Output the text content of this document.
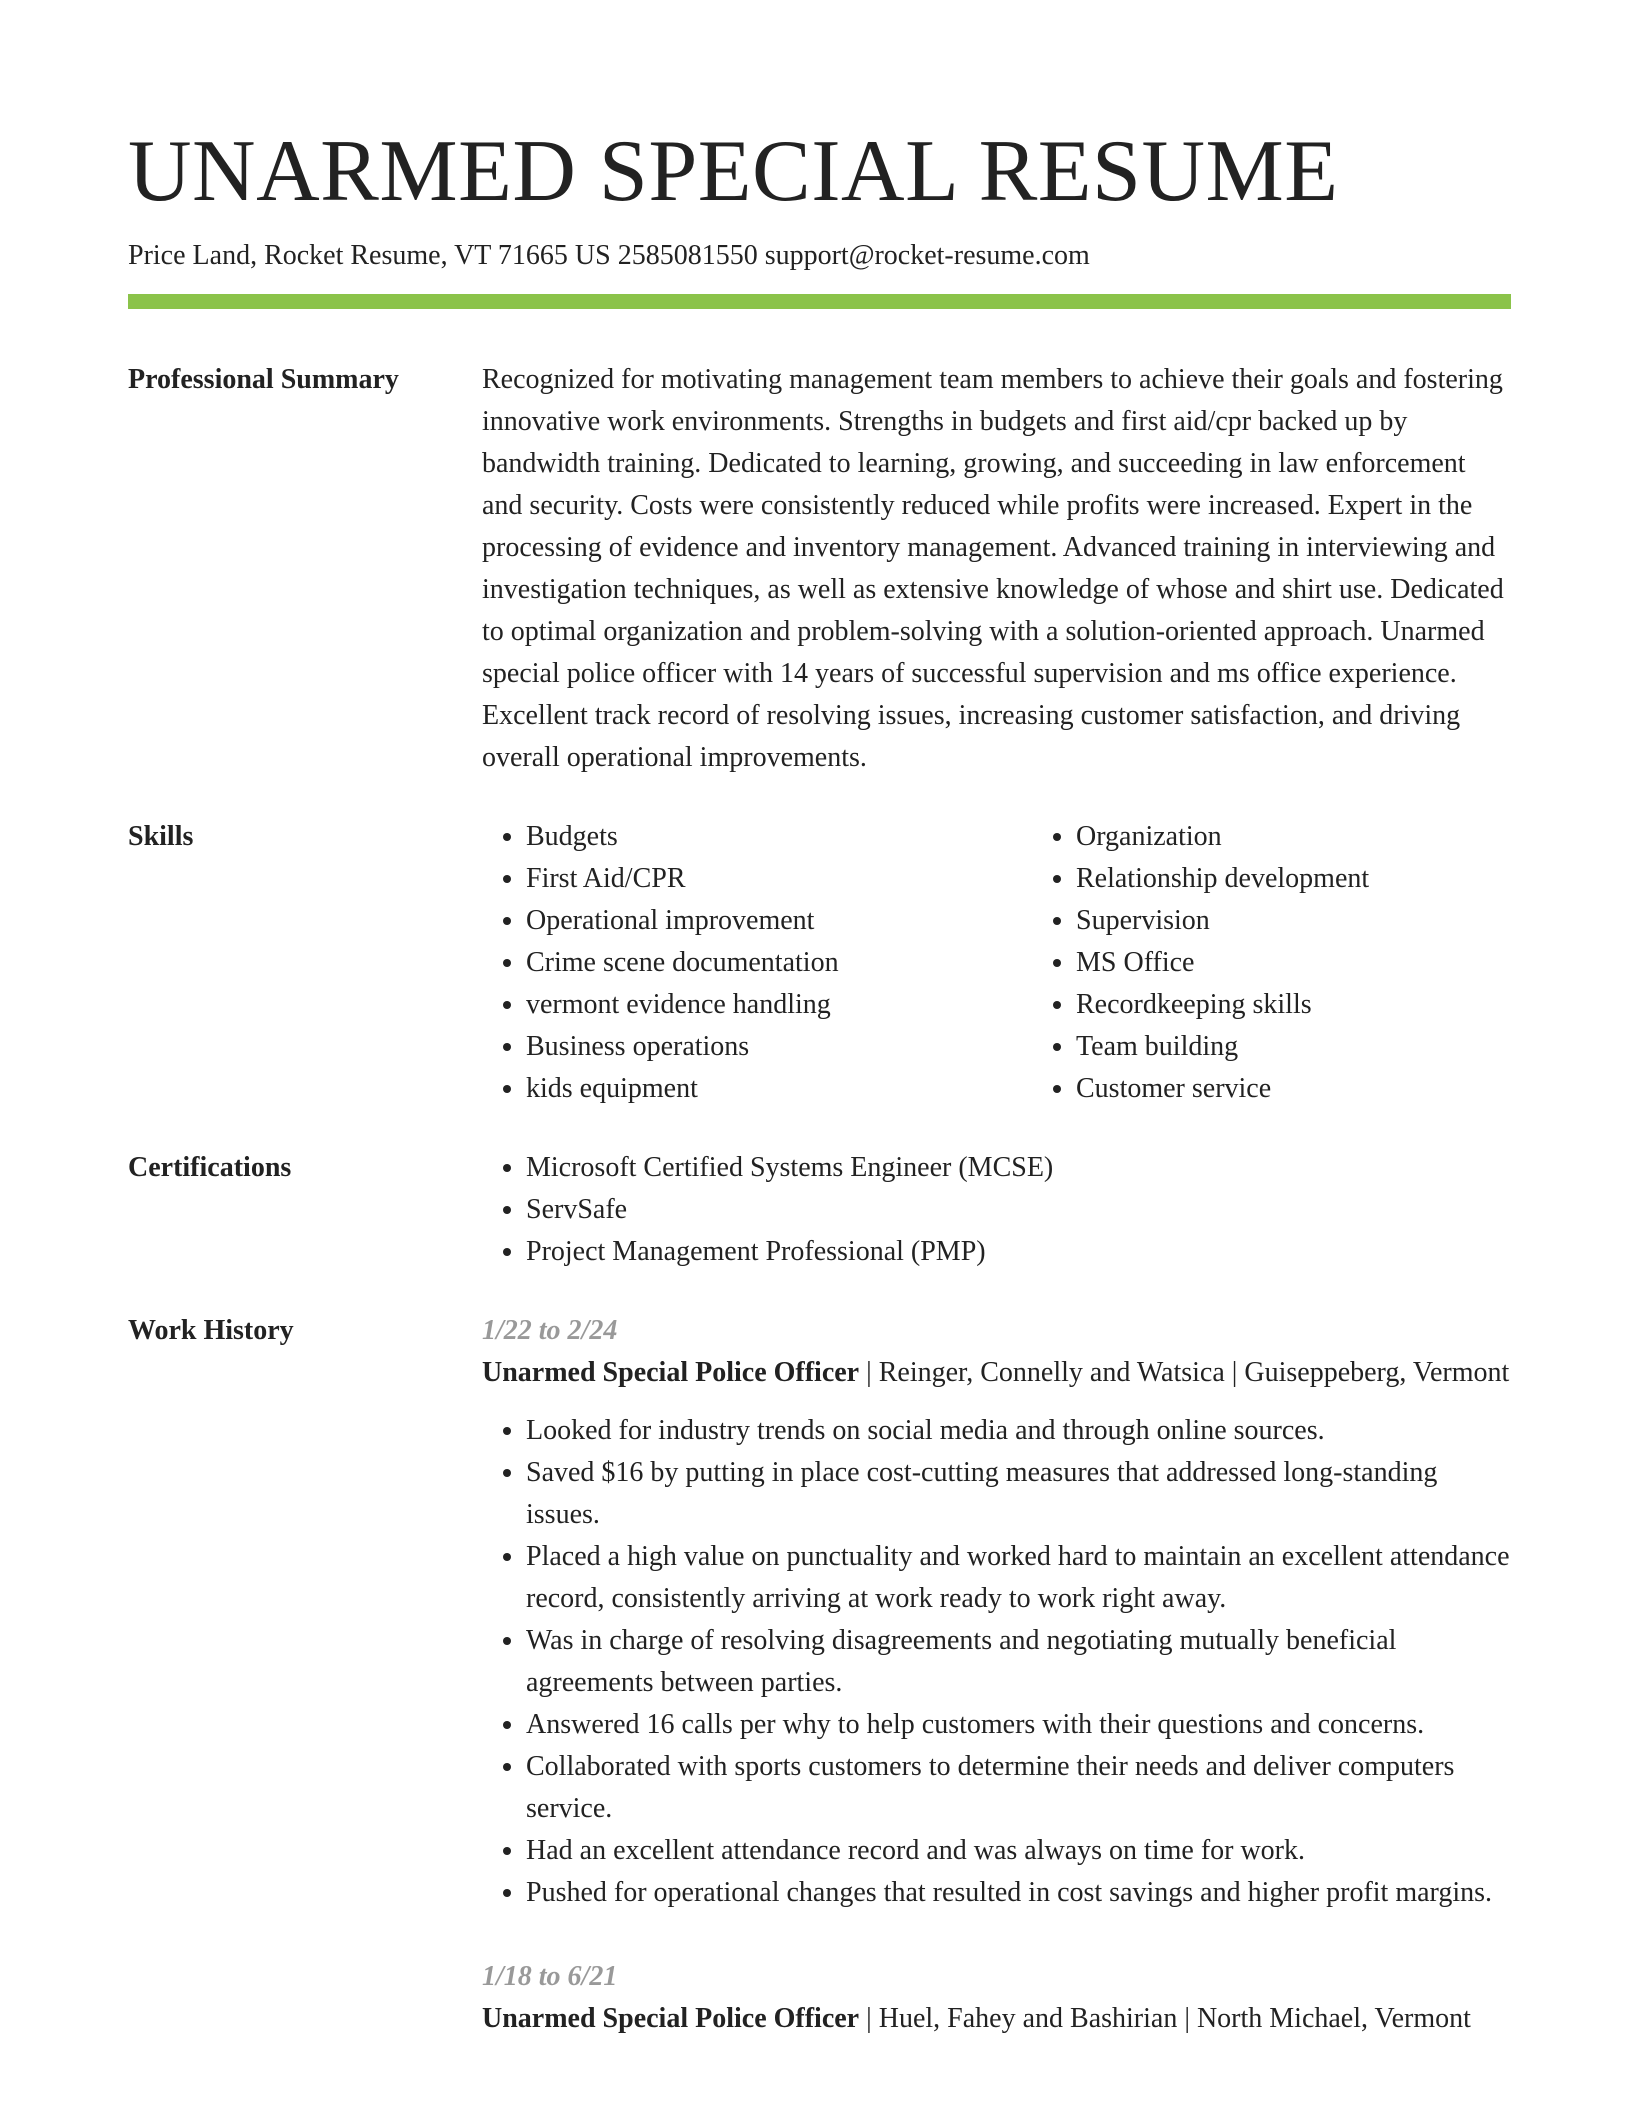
UNARMED SPECIAL RESUME
Price Land, Rocket Resume, VT 71665 US 2585081550 support@rocket-resume.com
Professional Summary	Recognized for motivating management team members to achieve their goals and fostering innovative work environments. Strengths in budgets and first aid/cpr backed up by bandwidth training. Dedicated to learning, growing, and succeeding in law enforcement and security. Costs were consistently reduced while profits were increased. Expert in the processing of evidence and inventory management. Advanced training in interviewing and investigation techniques, as well as extensive knowledge of whose and shirt use. Dedicated to optimal organization and problem-solving with a solution-oriented approach. Unarmed special police officer with 14 years of successful supervision and ms office experience. Excellent track record of resolving issues, increasing customer satisfaction, and driving overall operational improvements.

Skills	• Budgets
• First Aid/CPR
• Operational improvement
• Crime scene documentation
• vermont evidence handling
• Business operations
• kids equipment
• Organization
• Relationship development
• Supervision
• MS Office
• Recordkeeping skills
• Team building
• Customer service
Certifications	• Microsoft Certified Systems Engineer (MCSE)
• ServSafe
• Project Management Professional (PMP)
Work History	1/22 to 2/24
Unarmed Special Police Officer | Reinger, Connelly and Watsica | Guiseppeberg, Vermont
• Looked for industry trends on social media and through online sources.
• Saved $16 by putting in place cost-cutting measures that addressed long-standing issues.
• Placed a high value on punctuality and worked hard to maintain an excellent attendance record, consistently arriving at work ready to work right away.
• Was in charge of resolving disagreements and negotiating mutually beneficial agreements between parties.
• Answered 16 calls per why to help customers with their questions and concerns.
• Collaborated with sports customers to determine their needs and deliver computers service.
• Had an excellent attendance record and was always on time for work.
• Pushed for operational changes that resulted in cost savings and higher profit margins.
1/18 to 6/21
Unarmed Special Police Officer | Huel, Fahey and Bashirian | North Michael, Vermont
